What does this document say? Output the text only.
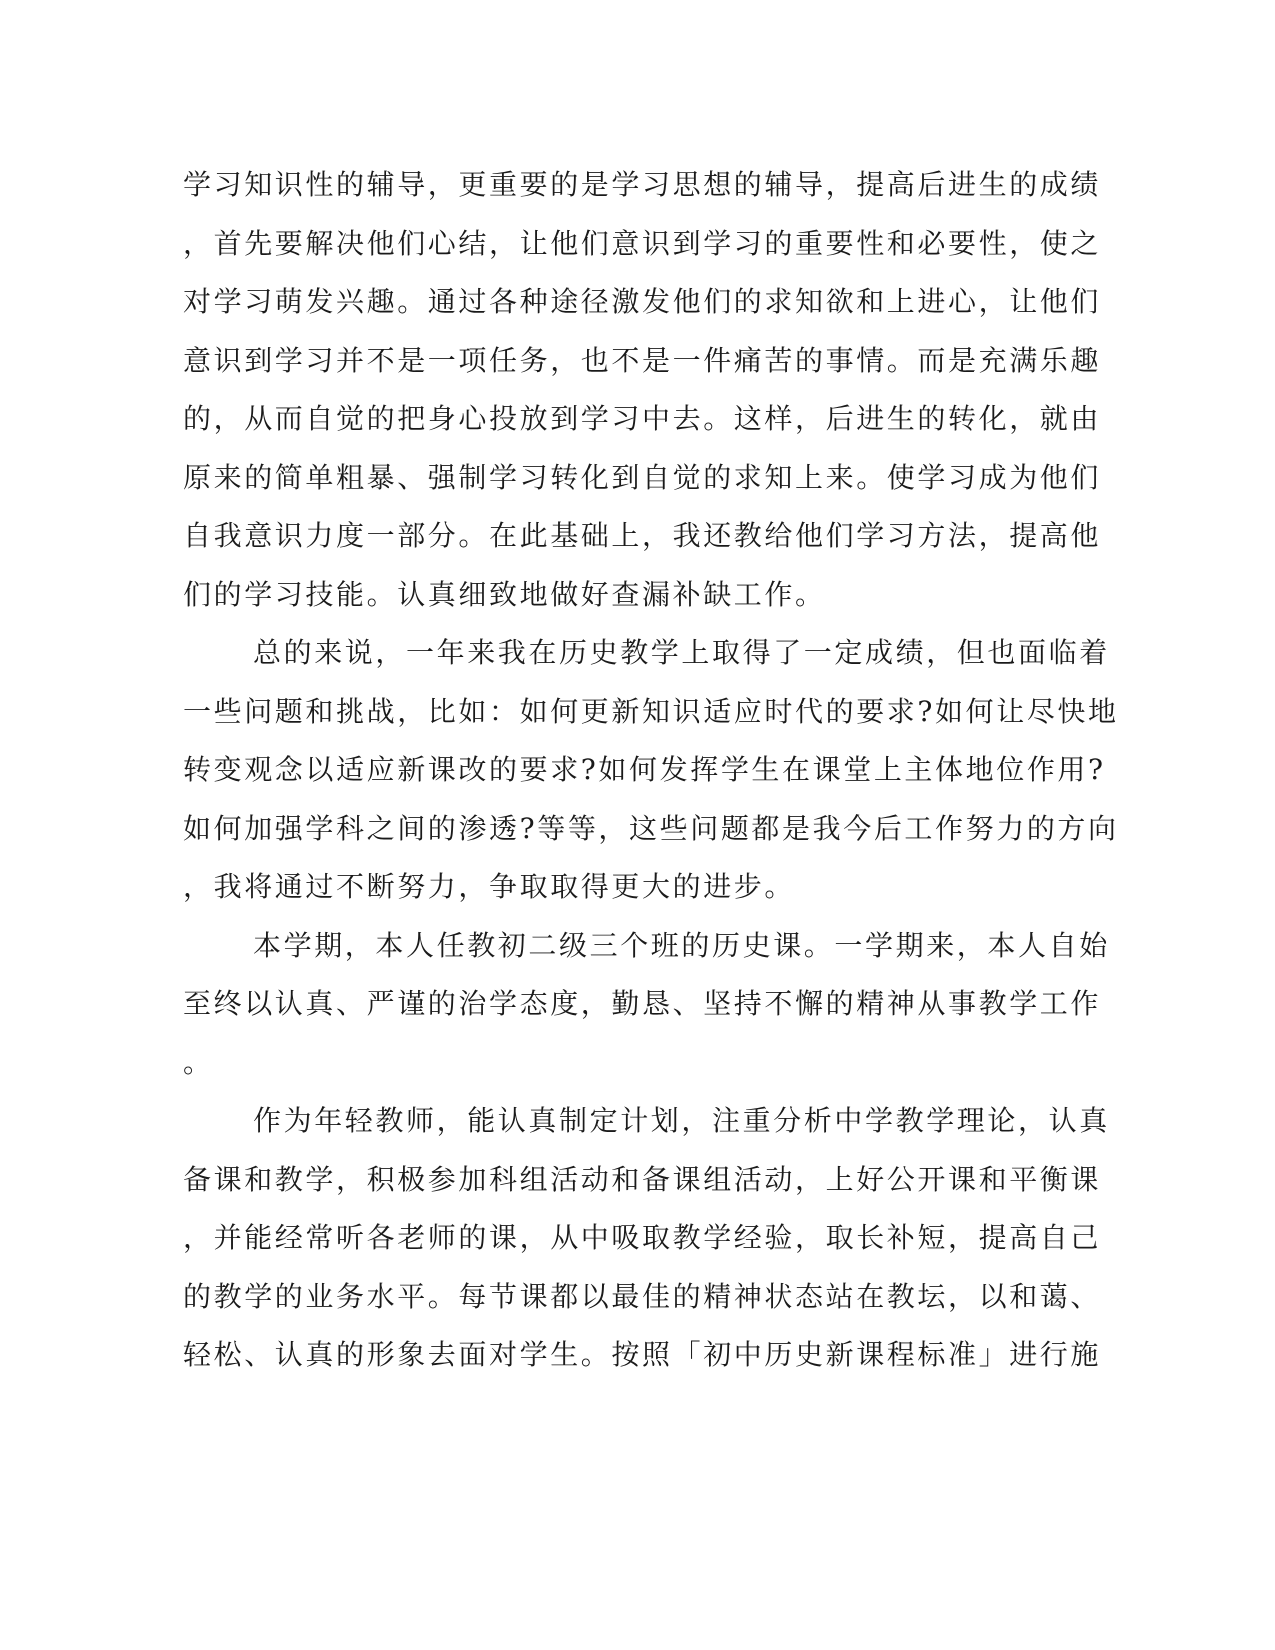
学习知识性的辅导，更重要的是学习思想的辅导，提高后进生的成绩
，首先要解决他们心结，让他们意识到学习的重要性和必要性，使之
对学习萌发兴趣。通过各种途径激发他们的求知欲和上进心，让他们
意识到学习并不是一项任务，也不是一件痛苦的事情。而是充满乐趣
的，从而自觉的把身心投放到学习中去。这样，后进生的转化，就由
原来的简单粗暴、强制学习转化到自觉的求知上来。使学习成为他们
自我意识力度一部分。在此基础上，我还教给他们学习方法，提高他
们的学习技能。认真细致地做好查漏补缺工作。
总的来说，一年来我在历史教学上取得了一定成绩，但也面临着
一些问题和挑战，比如：如何更新知识适应时代的要求?如何让尽快地
转变观念以适应新课改的要求?如何发挥学生在课堂上主体地位作用?
如何加强学科之间的渗透?等等，这些问题都是我今后工作努力的方向
，我将通过不断努力，争取取得更大的进步。
本学期，本人任教初二级三个班的历史课。一学期来，本人自始
至终以认真、严谨的治学态度，勤恳、坚持不懈的精神从事教学工作
。
作为年轻教师，能认真制定计划，注重分析中学教学理论，认真
备课和教学，积极参加科组活动和备课组活动，上好公开课和平衡课
，并能经常听各老师的课，从中吸取教学经验，取长补短，提高自己
的教学的业务水平。每节课都以最佳的精神状态站在教坛，以和蔼、
轻松、认真的形象去面对学生。按照「初中历史新课程标准」进行施
